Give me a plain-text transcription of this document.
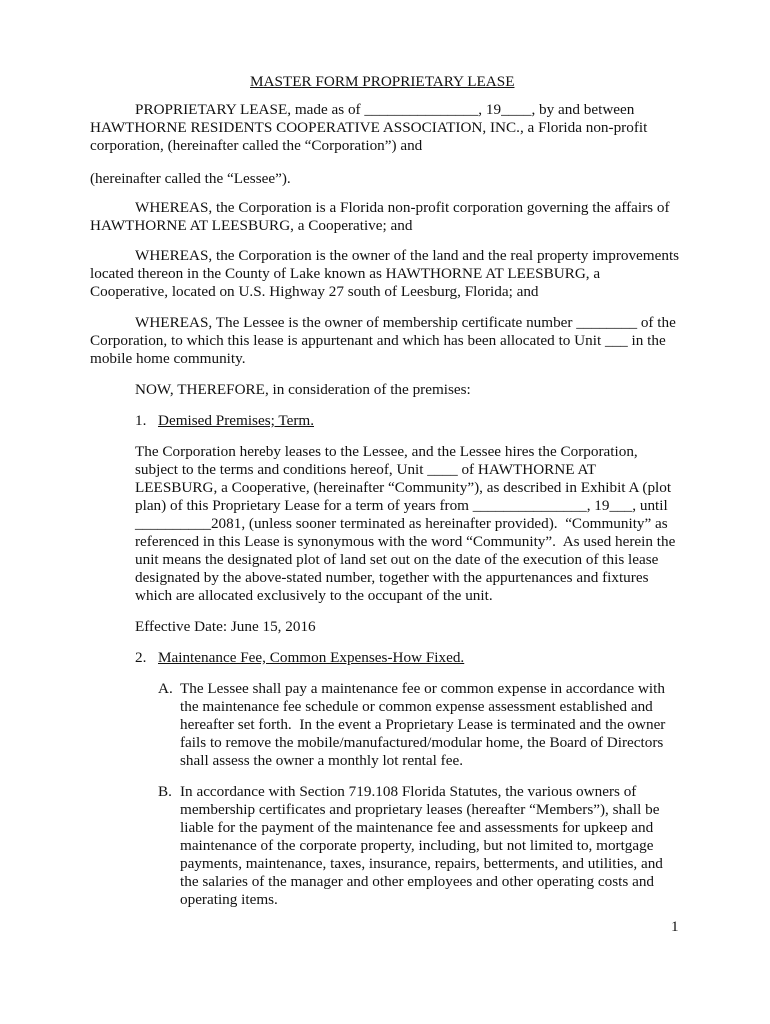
MASTER FORM PROPRIETARY LEASE
PROPRIETARY LEASE, made as of _______________, 19____, by and between
HAWTHORNE RESIDENTS COOPERATIVE ASSOCIATION, INC., a Florida non-profit
corporation, (hereinafter called the “Corporation”) and
(hereinafter called the “Lessee”).
WHEREAS, the Corporation is a Florida non-profit corporation governing the affairs of
HAWTHORNE AT LEESBURG, a Cooperative; and
WHEREAS, the Corporation is the owner of the land and the real property improvements
located thereon in the County of Lake known as HAWTHORNE AT LEESBURG, a
Cooperative, located on U.S. Highway 27 south of Leesburg, Florida; and
WHEREAS, The Lessee is the owner of membership certificate number ________ of the
Corporation, to which this lease is appurtenant and which has been allocated to Unit ___ in the
mobile home community.
NOW, THEREFORE, in consideration of the premises:
1. Demised Premises; Term.
The Corporation hereby leases to the Lessee, and the Lessee hires the Corporation,
subject to the terms and conditions hereof, Unit ____ of HAWTHORNE AT
LEESBURG, a Cooperative, (hereinafter “Community”), as described in Exhibit A (plot
plan) of this Proprietary Lease for a term of years from _______________, 19___, until
__________2081, (unless sooner terminated as hereinafter provided).  “Community” as
referenced in this Lease is synonymous with the word “Community”.  As used herein the
unit means the designated plot of land set out on the date of the execution of this lease
designated by the above-stated number, together with the appurtenances and fixtures
which are allocated exclusively to the occupant of the unit.
Effective Date: June 15, 2016
2. Maintenance Fee, Common Expenses-How Fixed.
A. The Lessee shall pay a maintenance fee or common expense in accordance with
the maintenance fee schedule or common expense assessment established and
hereafter set forth.  In the event a Proprietary Lease is terminated and the owner
fails to remove the mobile/manufactured/modular home, the Board of Directors
shall assess the owner a monthly lot rental fee.
B. In accordance with Section 719.108 Florida Statutes, the various owners of
membership certificates and proprietary leases (hereafter “Members”), shall be
liable for the payment of the maintenance fee and assessments for upkeep and
maintenance of the corporate property, including, but not limited to, mortgage
payments, maintenance, taxes, insurance, repairs, betterments, and utilities, and
the salaries of the manager and other employees and other operating costs and
operating items.
1
